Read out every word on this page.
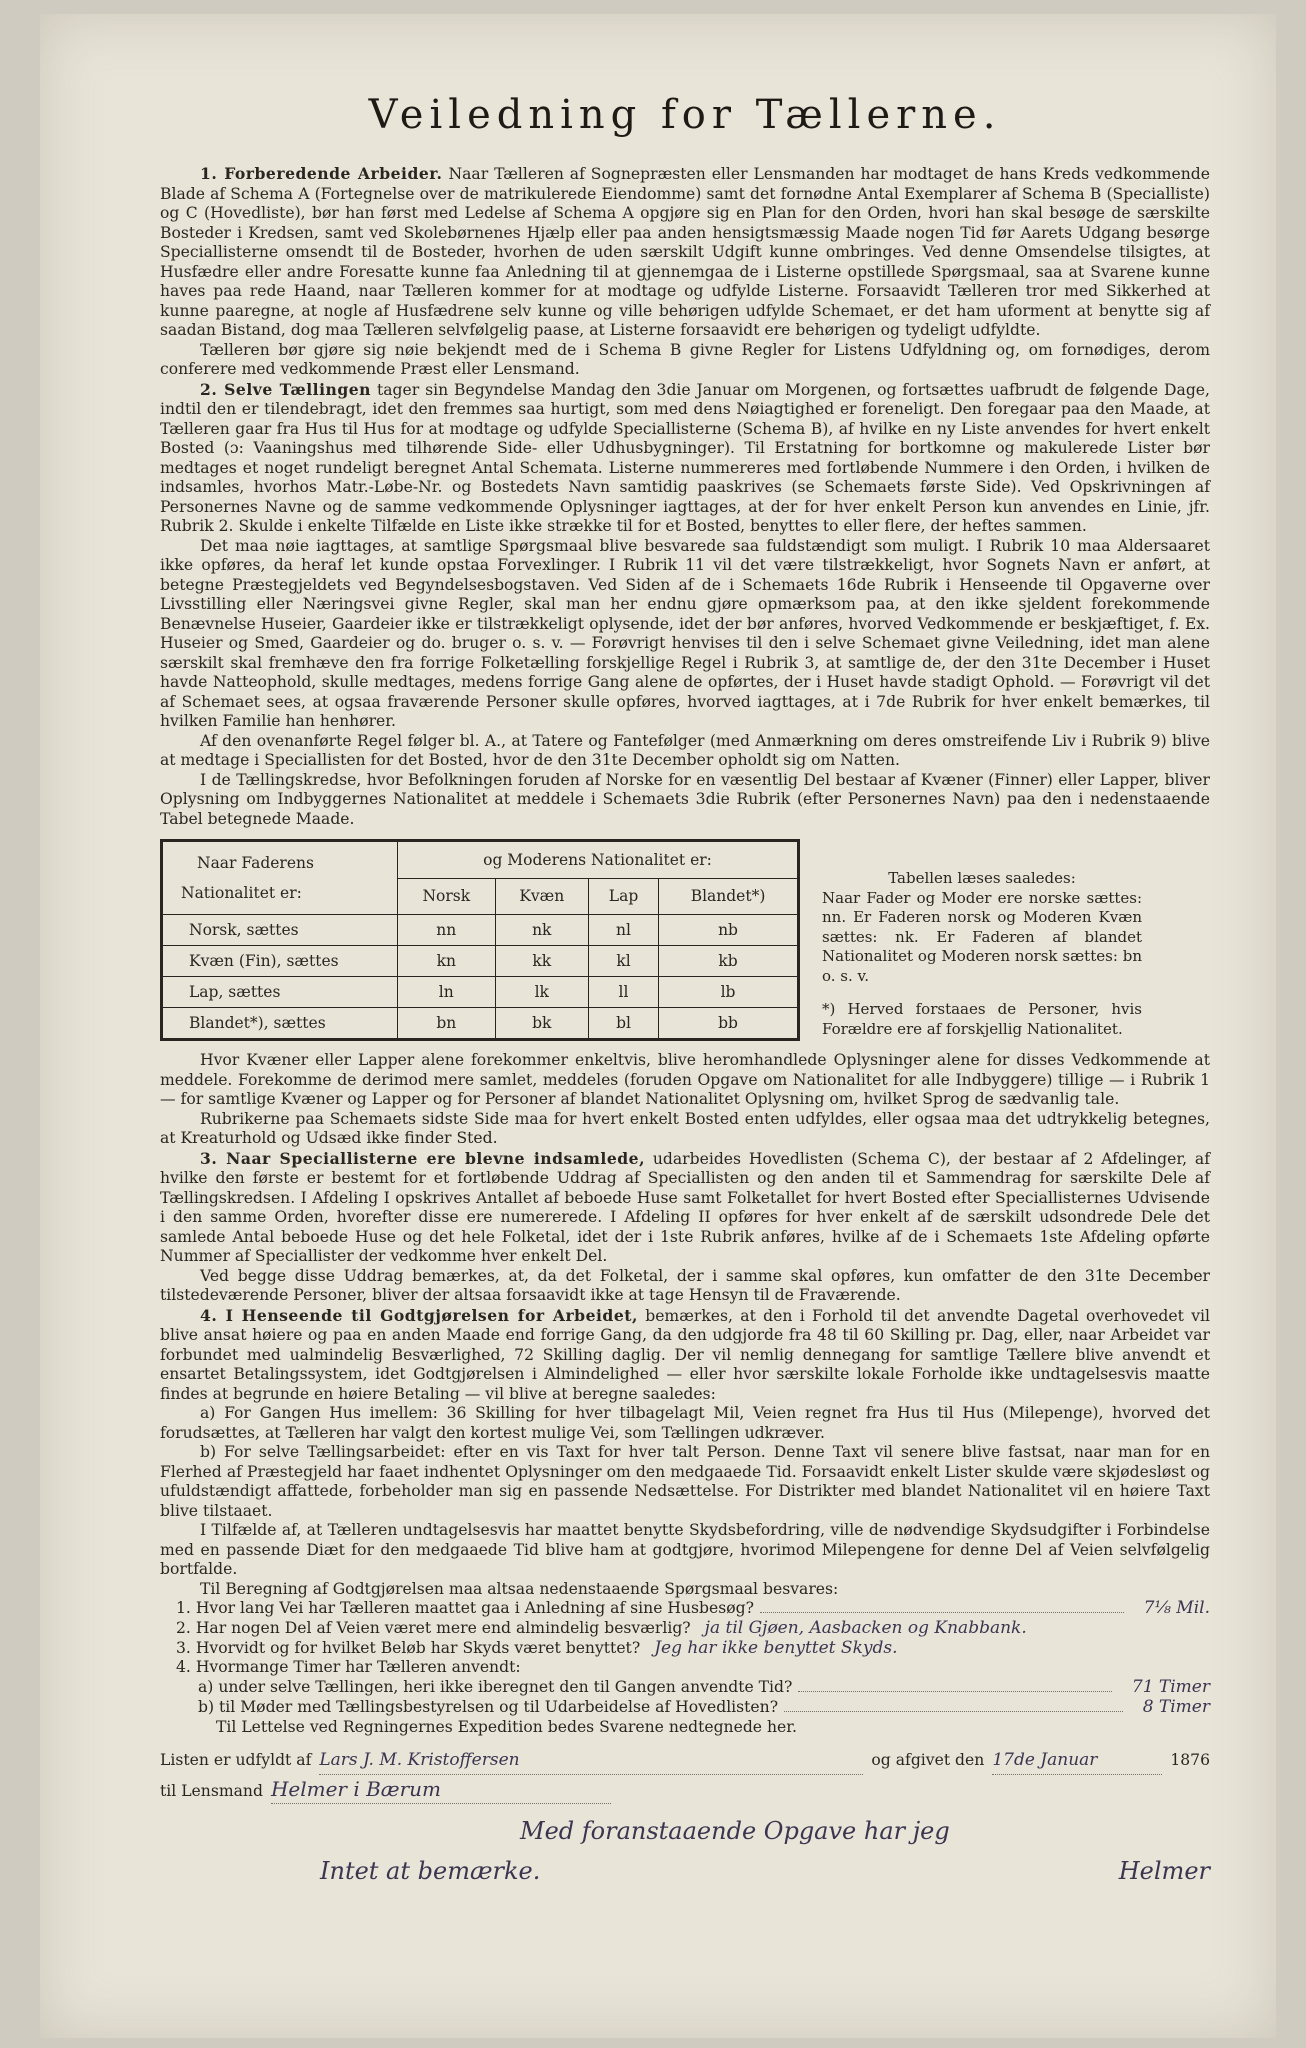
Veiledning for Tællerne.

1. Forberedende Arbeider. Naar Tælleren af Sognepræsten eller Lensmanden har modtaget de hans Kreds vedkommende Blade af Schema A (Fortegnelse over de matrikulerede Eiendomme) samt det fornødne Antal Exemplarer af Schema B (Specialliste) og C (Hovedliste), bør han først med Ledelse af Schema A opgjøre sig en Plan for den Orden, hvori han skal besøge de særskilte Bosteder i Kredsen, samt ved Skolebørnenes Hjælp eller paa anden hensigtsmæssig Maade nogen Tid før Aarets Udgang besørge Speciallisterne omsendt til de Bosteder, hvorhen de uden særskilt Udgift kunne ombringes. Ved denne Omsendelse tilsigtes, at Husfædre eller andre Foresatte kunne faa Anledning til at gjennemgaa de i Listerne opstillede Spørgsmaal, saa at Svarene kunne haves paa rede Haand, naar Tælleren kommer for at modtage og udfylde Listerne. Forsaavidt Tælleren tror med Sikkerhed at kunne paaregne, at nogle af Husfædrene selv kunne og ville behørigen udfylde Schemaet, er det ham uforment at benytte sig af saadan Bistand, dog maa Tælleren selvfølgelig paase, at Listerne forsaavidt ere behørigen og tydeligt udfyldte.

Tælleren bør gjøre sig nøie bekjendt med de i Schema B givne Regler for Listens Udfyldning og, om fornødiges, derom conferere med vedkommende Præst eller Lensmand.

2. Selve Tællingen tager sin Begyndelse Mandag den 3die Januar om Morgenen, og fortsættes uafbrudt de følgende Dage, indtil den er tilendebragt, idet den fremmes saa hurtigt, som med dens Nøiagtighed er foreneligt. Den foregaar paa den Maade, at Tælleren gaar fra Hus til Hus for at modtage og udfylde Speciallisterne (Schema B), af hvilke en ny Liste anvendes for hvert enkelt Bosted (ɔ: Vaaningshus med tilhørende Side- eller Udhusbygninger). Til Erstatning for bortkomne og makulerede Lister bør medtages et noget rundeligt beregnet Antal Schemata. Listerne nummereres med fortløbende Nummere i den Orden, i hvilken de indsamles, hvorhos Matr.-Løbe-Nr. og Bostedets Navn samtidig paaskrives (se Schemaets første Side). Ved Opskrivningen af Personernes Navne og de samme vedkommende Oplysninger iagttages, at der for hver enkelt Person kun anvendes en Linie, jfr. Rubrik 2. Skulde i enkelte Tilfælde en Liste ikke strække til for et Bosted, benyttes to eller flere, der heftes sammen.

Det maa nøie iagttages, at samtlige Spørgsmaal blive besvarede saa fuldstændigt som muligt. I Rubrik 10 maa Aldersaaret ikke opføres, da heraf let kunde opstaa Forvexlinger. I Rubrik 11 vil det være tilstrækkeligt, hvor Sognets Navn er anført, at betegne Præstegjeldets ved Begyndelsesbogstaven. Ved Siden af de i Schemaets 16de Rubrik i Henseende til Opgaverne over Livsstilling eller Næringsvei givne Regler, skal man her endnu gjøre opmærksom paa, at den ikke sjeldent forekommende Benævnelse Huseier, Gaardeier ikke er tilstrækkeligt oplysende, idet der bør anføres, hvorved Vedkommende er beskjæftiget, f. Ex. Huseier og Smed, Gaardeier og do. bruger o. s. v. — Forøvrigt henvises til den i selve Schemaet givne Veiledning, idet man alene særskilt skal fremhæve den fra forrige Folketælling forskjellige Regel i Rubrik 3, at samtlige de, der den 31te December i Huset havde Natteophold, skulle medtages, medens forrige Gang alene de opførtes, der i Huset havde stadigt Ophold. — Forøvrigt vil det af Schemaet sees, at ogsaa fraværende Personer skulle opføres, hvorved iagttages, at i 7de Rubrik for hver enkelt bemærkes, til hvilken Familie han henhører.

Af den ovenanførte Regel følger bl. A., at Tatere og Fantefølger (med Anmærkning om deres omstreifende Liv i Rubrik 9) blive at medtage i Speciallisten for det Bosted, hvor de den 31te December opholdt sig om Natten.

I de Tællingskredse, hvor Befolkningen foruden af Norske for en væsentlig Del bestaar af Kvæner (Finner) eller Lapper, bliver Oplysning om Indbyggernes Nationalitet at meddele i Schemaets 3die Rubrik (efter Personernes Navn) paa den i nedenstaaende Tabel betegnede Maade.

Naar Faderens
Nationalitet er:	og Moderens Nationalitet er:			
	Norsk	Kvæn	Lap	Blandet*)
Norsk, sættes	nn	nk	nl	nb
Kvæn (Fin), sættes	kn	kk	kl	kb
Lap, sættes	ln	lk	ll	lb
Blandet*), sættes	bn	bk	bl	bb

Tabellen læses saaledes:

Naar Fader og Moder ere norske sættes: nn. Er Faderen norsk og Moderen Kvæn sættes: nk. Er Faderen af blandet Nationalitet og Moderen norsk sættes: bn o. s. v.

*) Herved forstaaes de Personer, hvis Forældre ere af forskjellig Nationalitet.

Hvor Kvæner eller Lapper alene forekommer enkeltvis, blive heromhandlede Oplysninger alene for disses Vedkommende at meddele. Forekomme de derimod mere samlet, meddeles (foruden Opgave om Nationalitet for alle Indbyggere) tillige — i Rubrik 1 — for samtlige Kvæner og Lapper og for Personer af blandet Nationalitet Oplysning om, hvilket Sprog de sædvanlig tale.

Rubrikerne paa Schemaets sidste Side maa for hvert enkelt Bosted enten udfyldes, eller ogsaa maa det udtrykkelig betegnes, at Kreaturhold og Udsæd ikke finder Sted.

3. Naar Speciallisterne ere blevne indsamlede, udarbeides Hovedlisten (Schema C), der bestaar af 2 Afdelinger, af hvilke den første er bestemt for et fortløbende Uddrag af Speciallisten og den anden til et Sammendrag for særskilte Dele af Tællingskredsen. I Afdeling I opskrives Antallet af beboede Huse samt Folketallet for hvert Bosted efter Speciallisternes Udvisende i den samme Orden, hvorefter disse ere numererede. I Afdeling II opføres for hver enkelt af de særskilt udsondrede Dele det samlede Antal beboede Huse og det hele Folketal, idet der i 1ste Rubrik anføres, hvilke af de i Schemaets 1ste Afdeling opførte Nummer af Speciallister der vedkomme hver enkelt Del.

Ved begge disse Uddrag bemærkes, at, da det Folketal, der i samme skal opføres, kun omfatter de den 31te December tilstedeværende Personer, bliver der altsaa forsaavidt ikke at tage Hensyn til de Fraværende.

4. I Henseende til Godtgjørelsen for Arbeidet, bemærkes, at den i Forhold til det anvendte Dagetal overhovedet vil blive ansat høiere og paa en anden Maade end forrige Gang, da den udgjorde fra 48 til 60 Skilling pr. Dag, eller, naar Arbeidet var forbundet med ualmindelig Besværlighed, 72 Skilling daglig. Der vil nemlig dennegang for samtlige Tællere blive anvendt et ensartet Betalingssystem, idet Godtgjørelsen i Almindelighed — eller hvor særskilte lokale Forholde ikke undtagelsesvis maatte findes at begrunde en høiere Betaling — vil blive at beregne saaledes:

a) For Gangen Hus imellem: 36 Skilling for hver tilbagelagt Mil, Veien regnet fra Hus til Hus (Milepenge), hvorved det forudsættes, at Tælleren har valgt den kortest mulige Vei, som Tællingen udkræver.

b) For selve Tællingsarbeidet: efter en vis Taxt for hver talt Person. Denne Taxt vil senere blive fastsat, naar man for en Flerhed af Præstegjeld har faaet indhentet Oplysninger om den medgaaede Tid. Forsaavidt enkelt Lister skulde være skjødesløst og ufuldstændigt affattede, forbeholder man sig en passende Nedsættelse. For Distrikter med blandet Nationalitet vil en høiere Taxt blive tilstaaet.

I Tilfælde af, at Tælleren undtagelsesvis har maattet benytte Skydsbefordring, ville de nødvendige Skydsudgifter i Forbindelse med en passende Diæt for den medgaaede Tid blive ham at godtgjøre, hvorimod Milepengene for denne Del af Veien selvfølgelig bortfalde.

Til Beregning af Godtgjørelsen maa altsaa nedenstaaende Spørgsmaal besvares:

1. Hvor lang Vei har Tælleren maattet gaa i Anledning af sine Husbesøg?	7⅛ Mil.
2. Har nogen Del af Veien været mere end almindelig besværlig? ja til Gjøen, Aasbacken og Knabbank.
3. Hvorvidt og for hvilket Beløb har Skyds været benyttet? Jeg har ikke benyttet Skyds.
4. Hvormange Timer har Tælleren anvendt:
a) under selve Tællingen, heri ikke iberegnet den til Gangen anvendte Tid?	71 Timer
b) til Møder med Tællingsbestyrelsen og til Udarbeidelse af Hovedlisten?	8 Timer
Til Lettelse ved Regningernes Expedition bedes Svarene nedtegnede her.
Listen er udfyldt af Lars J. M. Kristoffersen	og afgivet den 17de Januar	1876
til Lensmand Helmer i Bærum
Med foranstaaende Opgave har jeg
Intet at bemærke.	Helmer
